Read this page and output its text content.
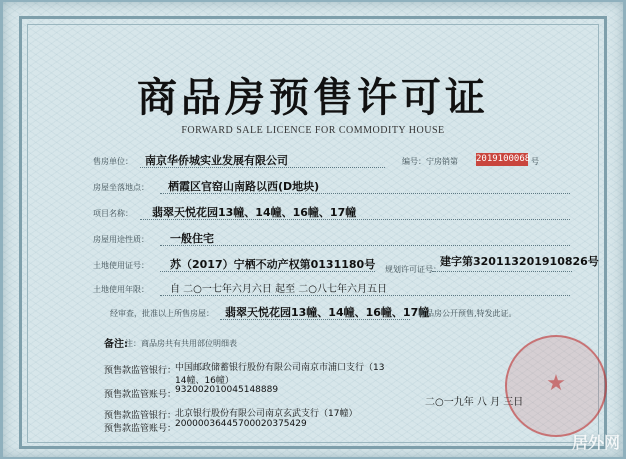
商品房预售许可证
FORWARD SALE LICENCE FOR COMMODITY HOUSE
编号：宁房销第 2019100068 号
售房单位： 南京华侨城实业发展有限公司
房屋坐落地点： 栖霞区官窑山南路以西(D地块)
项目名称： 翡翠天悦花园13幢、14幢、16幢、17幢
房屋用途性质： 一般住宅
土地使用证号： 苏（2017）宁栖不动产权第0131180号 规划许可证号：
建字第320113201910826号
土地使用年限： 自 二○一七年六月六日 起至 二○八七年六月五日
经审查，批准以上所售房屋： 翡翠天悦花园13幢、14幢、16幢、17幢
商品房公开预售,特发此证。
备注:
注：商品房共有共用部位明细表
预售款监管银行：
中国邮政储蓄银行股份有限公司南京市浦口支行（13
14幢、16幢）
预售款监管账号：
932002010045148889
预售款监管银行：
北京银行股份有限公司南京玄武支行（17幢）
预售款监管账号：
20000036445700020375429
★
二○一九年 八 月 三日
居外网
